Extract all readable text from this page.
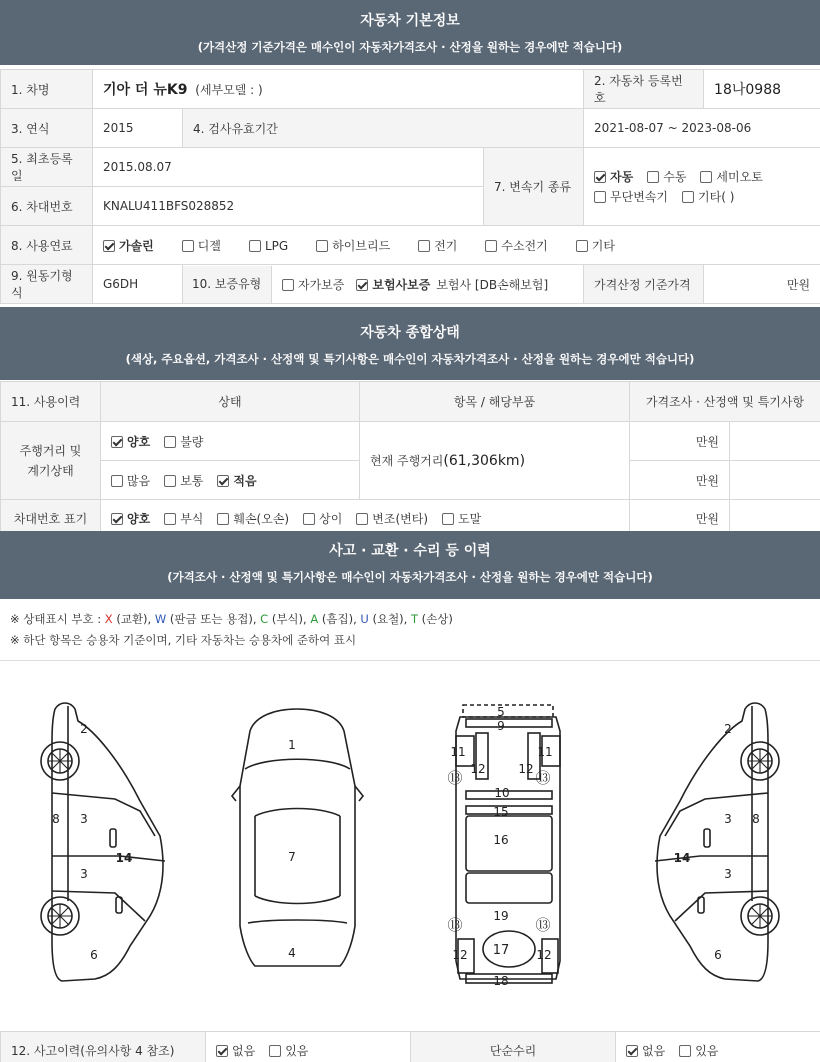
자동차 기본정보
(가격산정 기준가격은 매수인이 자동차가격조사 · 산정을 원하는 경우에만 적습니다)
1. 차명	기아 더 뉴K9 (세부모델 : )			2. 자동차 등록번호	18나0988
3. 연식	2015	4. 검사유효기간		2021-08-07 ~ 2023-08-06	
5. 최초등록일	2015.08.07		7. 변속기 종류	자동 수동 세미오토
무단변속기 기타( )	
6. 차대번호	KNALU411BFS028852				
8. 사용연료	가솔린 디젤 LPG 하이브리드 전기 수소전기 기타				
9. 원동기형식	G6DH	10. 보증유형 자가보증 보험사보증 보험사 [DB손해보험]		가격산정 기준가격	만원
자동차 종합상태
(색상, 주요옵션, 가격조사 · 산정액 및 특기사항은 매수인이 자동차가격조사 · 산정을 원하는 경우에만 적습니다)
11. 사용이력	상태	항목 / 해당부품	가격조사 · 산정액 및 특기사항	
주행거리 및 계기상태	양호 불량	현재 주행거리(61,306km)	만원	
	많음 보통 적음		만원	
차대번호 표기	양호 부식 훼손(오손) 상이 변조(변타) 도말		만원	
사고 · 교환 · 수리 등 이력
(가격조사 · 산정액 및 특기사항은 매수인이 자동차가격조사 · 산정을 원하는 경우에만 적습니다)
※ 상태표시 부호 : X (교환), W (판금 또는 용접), C (부식), A (흠집), U (요철), T (손상)
※ 하단 항목은 승용차 기준이며, 기타 자동차는 승용차에 준하여 표시
2
8 3
14
3
6
1
7
4
5
9
11	11
12	12
⑬	⑬
10
15
16
19
⑬	⑬
12	12
17
18
2
3 8
14
3
6
12. 사고이력(유의사항 4 참조)	없음	있음	단순수리	없음	있음
